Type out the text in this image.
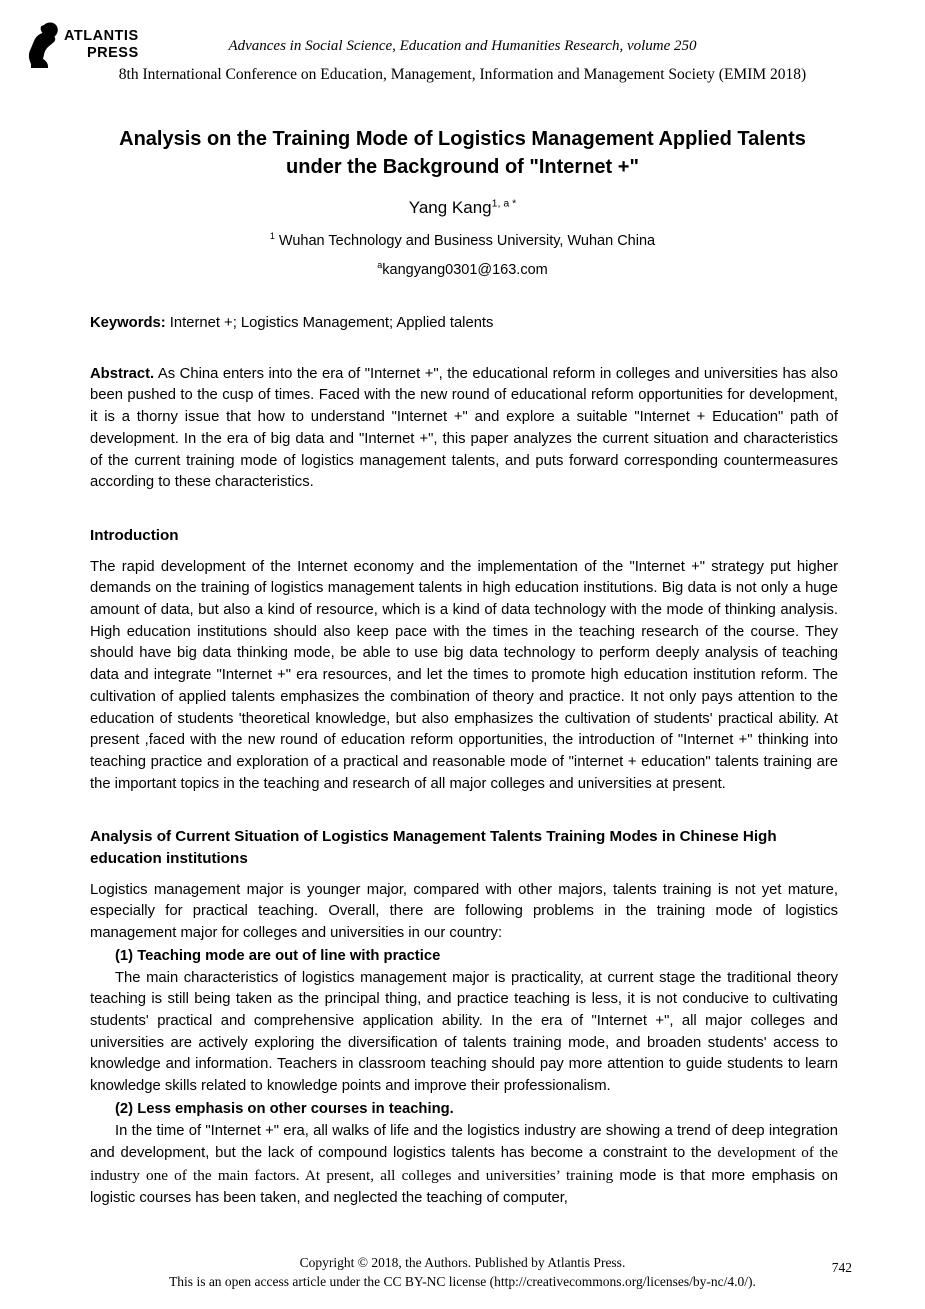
ATLANTIS
PRESS	Advances in Social Science, Education and Humanities Research, volume 250
8th International Conference on Education, Management, Information and Management Society (EMIM 2018)
Analysis on the Training Mode of Logistics Management Applied Talents
under the Background of "Internet +"
Yang Kang$^{1, a *}$
$^1$ Wuhan Technology and Business University, Wuhan China
$^a$kangyang0301@163.com
Keywords: Internet +; Logistics Management; Applied talents

Abstract. As China enters into the era of "Internet +", the educational reform in colleges and universities has also been pushed to the cusp of times. Faced with the new round of educational reform opportunities for development, it is a thorny issue that how to understand "Internet +" and explore a suitable "Internet + Education" path of development. In the era of big data and "Internet +", this paper analyzes the current situation and characteristics of the current training mode of logistics management talents, and puts forward corresponding countermeasures according to these characteristics.

Introduction

The rapid development of the Internet economy and the implementation of the "Internet +" strategy put higher demands on the training of logistics management talents in high education institutions. Big data is not only a huge amount of data, but also a kind of resource, which is a kind of data technology with the mode of thinking analysis. High education institutions should also keep pace with the times in the teaching research of the course. They should have big data thinking mode, be able to use big data technology to perform deeply analysis of teaching data and integrate "Internet +" era resources, and let the times to promote high education institution reform. The cultivation of applied talents emphasizes the combination of theory and practice. It not only pays attention to the education of students 'theoretical knowledge, but also emphasizes the cultivation of students' practical ability. At present ,faced with the new round of education reform opportunities, the introduction of "Internet +" thinking into teaching practice and exploration of a practical and reasonable mode of "internet + education" talents training are the important topics in the teaching and research of all major colleges and universities at present.

Analysis of Current Situation of Logistics Management Talents Training Modes in Chinese High education institutions

Logistics management major is younger major, compared with other majors, talents training is not yet mature, especially for practical teaching. Overall, there are following problems in the training mode of logistics management major for colleges and universities in our country:

(1) Teaching mode are out of line with practice

The main characteristics of logistics management major is practicality, at current stage the traditional theory teaching is still being taken as the principal thing, and practice teaching is less, it is not conducive to cultivating students' practical and comprehensive application ability. In the era of "Internet +", all major colleges and universities are actively exploring the diversification of talents training mode, and broaden students' access to knowledge and information. Teachers in classroom teaching should pay more attention to guide students to learn knowledge skills related to knowledge points and improve their professionalism.

(2) Less emphasis on other courses in teaching.

In the time of "Internet +" era, all walks of life and the logistics industry are showing a trend of deep integration and development, but the lack of compound logistics talents has become a constraint to the development of the industry one of the main factors. At present, all colleges and universities’ training mode is that more emphasis on logistic courses has been taken, and neglected the teaching of computer,

Copyright © 2018, the Authors. Published by Atlantis Press.
This is an open access article under the CC BY-NC license (http://creativecommons.org/licenses/by-nc/4.0/).
742
